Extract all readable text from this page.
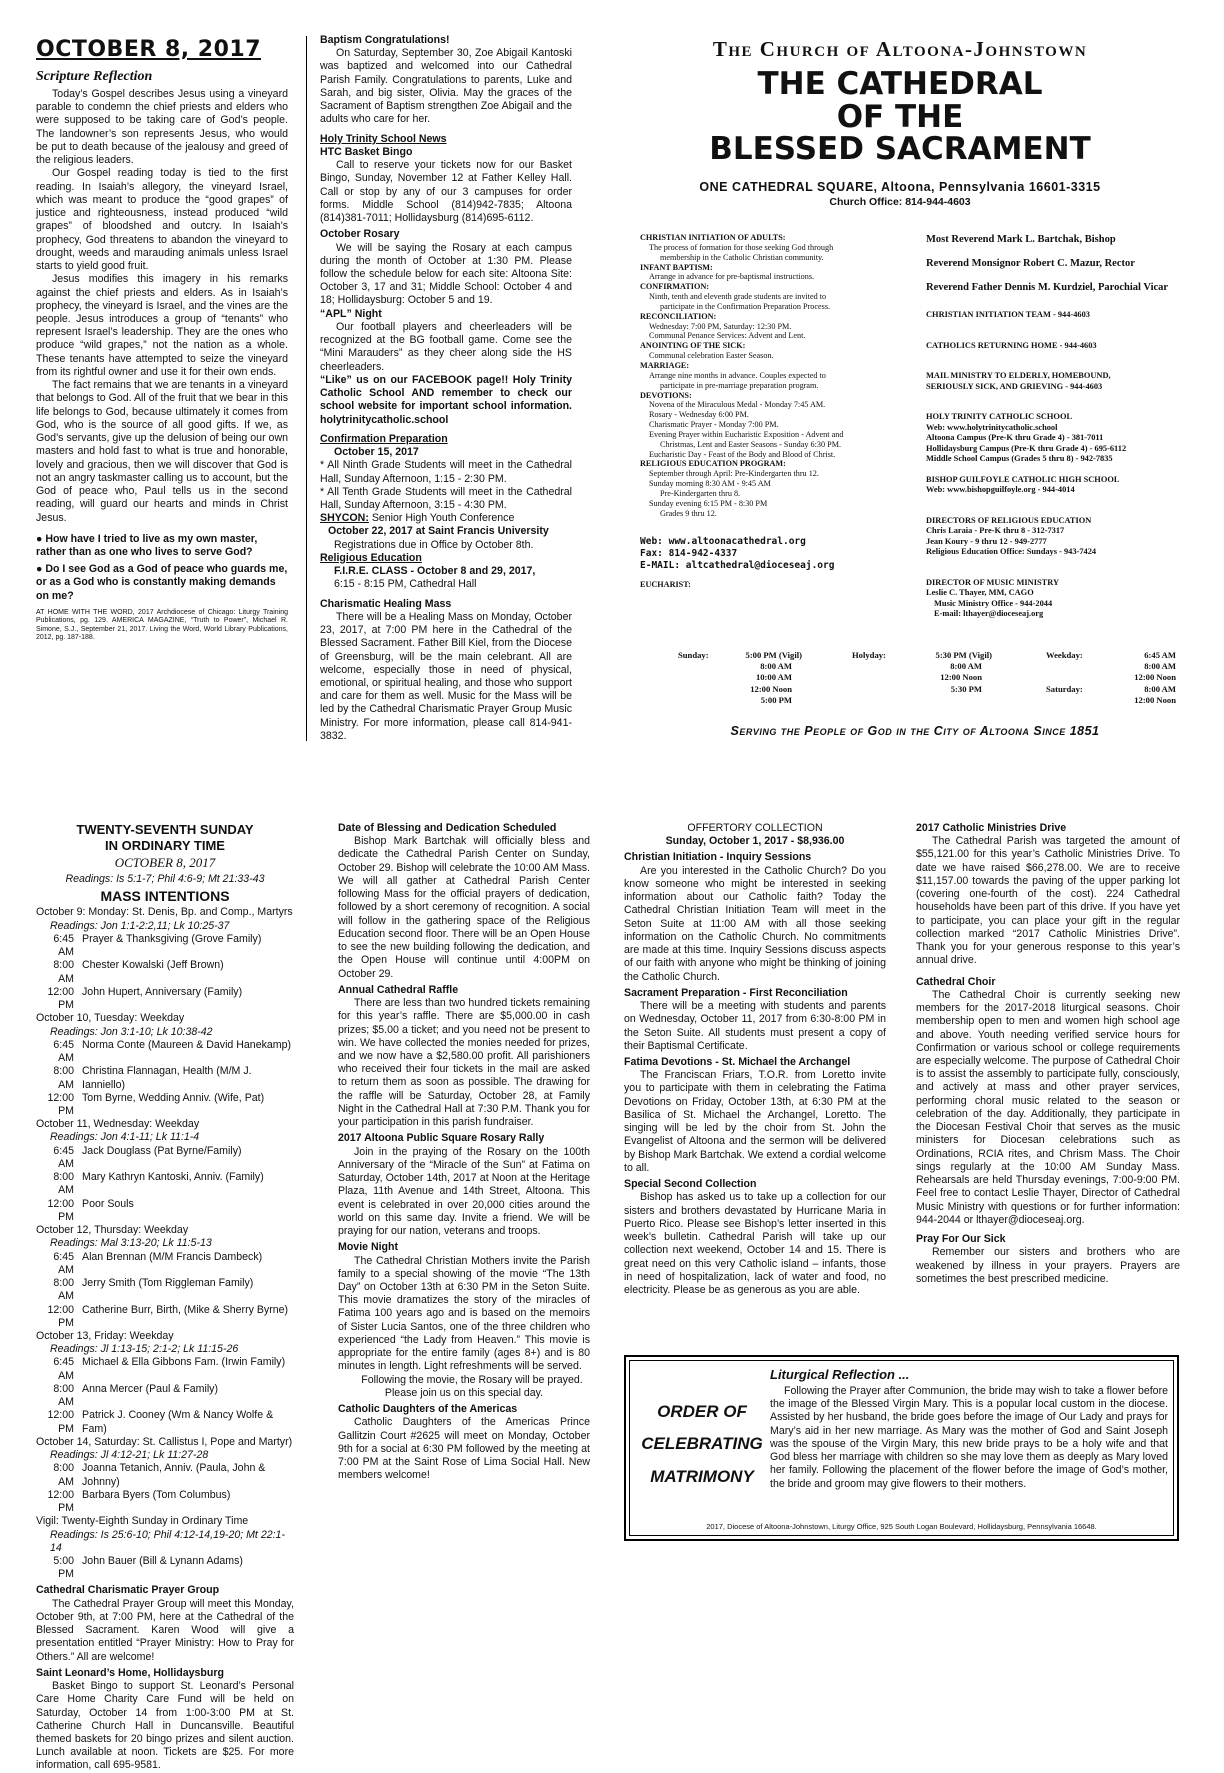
OCTOBER 8, 2017
Scripture Reflection

Today’s Gospel describes Jesus using a vineyard parable to condemn the chief priests and elders who were supposed to be taking care of God’s people. The landowner’s son represents Jesus, who would be put to death because of the jealousy and greed of the religious leaders.

Our Gospel reading today is tied to the first reading. In Isaiah’s allegory, the vineyard Israel, which was meant to produce the “good grapes” of justice and righteousness, instead produced “wild grapes” of bloodshed and outcry. In Isaiah’s prophecy, God threatens to abandon the vineyard to drought, weeds and marauding animals unless Israel starts to yield good fruit.

Jesus modifies this imagery in his remarks against the chief priests and elders. As in Isaiah’s prophecy, the vineyard is Israel, and the vines are the people. Jesus introduces a group of “tenants” who represent Israel’s leadership. They are the ones who produce “wild grapes,” not the nation as a whole. These tenants have attempted to seize the vineyard from its rightful owner and use it for their own ends.

The fact remains that we are tenants in a vineyard that belongs to God. All of the fruit that we bear in this life belongs to God, because ultimately it comes from God, who is the source of all good gifts. If we, as God’s servants, give up the delusion of being our own masters and hold fast to what is true and honorable, lovely and gracious, then we will discover that God is not an angry taskmaster calling us to account, but the God of peace who, Paul tells us in the second reading, will guard our hearts and minds in Christ Jesus.

● How have I tried to live as my own master, rather than as one who lives to serve God?
● Do I see God as a God of peace who guards me, or as a God who is constantly making demands on me?
AT HOME WITH THE WORD, 2017 Archdiocese of Chicago: Liturgy Training Publications, pg. 129. AMERICA MAGAZINE, “Truth to Power”, Michael R. Simone, S.J., September 21, 2017. Living the Word, World Library Publications, 2012, pg. 187-188.
Baptism Congratulations!

On Saturday, September 30, Zoe Abigail Kantoski was baptized and welcomed into our Cathedral Parish Family. Congratulations to parents, Luke and Sarah, and big sister, Olivia. May the graces of the Sacrament of Baptism strengthen Zoe Abigail and the adults who care for her.

Holy Trinity School News
HTC Basket Bingo

Call to reserve your tickets now for our Basket Bingo, Sunday, November 12 at Father Kelley Hall. Call or stop by any of our 3 campuses for order forms. Middle School (814)942-7835; Altoona (814)381-7011; Hollidaysburg (814)695-6112.

October Rosary

We will be saying the Rosary at each campus during the month of October at 1:30 PM. Please follow the schedule below for each site: Altoona Site: October 3, 17 and 31; Middle School: October 4 and 18; Hollidaysburg: October 5 and 19.

“APL” Night

Our football players and cheerleaders will be recognized at the BG football game. Come see the “Mini Marauders” as they cheer along side the HS cheerleaders.

“Like” us on our FACEBOOK page!! Holy Trinity Catholic School AND remember to check our school website for important school information. holytrinitycatholic.school
Confirmation Preparation
October 15, 2017
* All Ninth Grade Students will meet in the Cathedral Hall, Sunday Afternoon, 1:15 - 2:30 PM.
* All Tenth Grade Students will meet in the Cathedral Hall, Sunday Afternoon, 3:15 - 4:30 PM.
SHYCON: Senior High Youth Conference
October 22, 2017 at Saint Francis University
Registrations due in Office by October 8th.
Religious Education
F.I.R.E. CLASS - October 8 and 29, 2017,
6:15 - 8:15 PM, Cathedral Hall
Charismatic Healing Mass

There will be a Healing Mass on Monday, October 23, 2017, at 7:00 PM here in the Cathedral of the Blessed Sacrament. Father Bill Kiel, from the Diocese of Greensburg, will be the main celebrant. All are welcome, especially those in need of physical, emotional, or spiritual healing, and those who support and care for them as well. Music for the Mass will be led by the Cathedral Charismatic Prayer Group Music Ministry. For more information, please call 814-941-3832.

The Church of Altoona-Johnstown
THE CATHEDRAL
OF THE
BLESSED SACRAMENT
ONE CATHEDRAL SQUARE, Altoona, Pennsylvania 16601-3315
Church Office: 814-944-4603
CHRISTIAN INITIATION OF ADULTS:
The process of formation for those seeking God through
membership in the Catholic Christian community.
INFANT BAPTISM:
Arrange in advance for pre-baptismal instructions.
CONFIRMATION:
Ninth, tenth and eleventh grade students are invited to
participate in the Confirmation Preparation Process.
RECONCILIATION:
Wednesday: 7:00 PM, Saturday: 12:30 PM.
Communal Penance Services: Advent and Lent.
ANOINTING OF THE SICK:
Communal celebration Easter Season.
MARRIAGE:
Arrange nine months in advance. Couples expected to
participate in pre-marriage preparation program.
DEVOTIONS:
Novena of the Miraculous Medal - Monday 7:45 AM.
Rosary - Wednesday 6:00 PM.
Charismatic Prayer - Monday 7:00 PM.
Evening Prayer within Eucharistic Exposition - Advent and
Christmas, Lent and Easter Seasons - Sunday 6:30 PM.
Eucharistic Day - Feast of the Body and Blood of Christ.
RELIGIOUS EDUCATION PROGRAM:
September through April: Pre-Kindergarten thru 12.
Sunday morning 8:30 AM - 9:45 AM
Pre-Kindergarten thru 8.
Sunday evening 6:15 PM - 8:30 PM
Grades 9 thru 12.
Web: www.altoonacathedral.org
Fax: 814-942-4337
E-MAIL: altcathedral@dioceseaj.org
EUCHARIST:
Most Reverend Mark L. Bartchak, Bishop
Reverend Monsignor Robert C. Mazur, Rector
Reverend Father Dennis M. Kurdziel, Parochial Vicar
CHRISTIAN INITIATION TEAM - 944-4603
CATHOLICS RETURNING HOME - 944-4603
MAIL MINISTRY TO ELDERLY, HOMEBOUND,
SERIOUSLY SICK, AND GRIEVING - 944-4603
HOLY TRINITY CATHOLIC SCHOOL
Web: www.holytrinitycatholic.school
Altoona Campus (Pre-K thru Grade 4) - 381-7011
Hollidaysburg Campus (Pre-K thru Grade 4) - 695-6112
Middle School Campus (Grades 5 thru 8) - 942-7835
BISHOP GUILFOYLE CATHOLIC HIGH SCHOOL
Web: www.bishopguilfoyle.org - 944-4014
DIRECTORS OF RELIGIOUS EDUCATION
Chris Laraia - Pre-K thru 8 - 312-7317
Jean Koury - 9 thru 12 - 949-2777
Religious Education Office: Sundays - 943-7424
DIRECTOR OF MUSIC MINISTRY
Leslie C. Thayer, MM, CAGO
Music Ministry Office - 944-2044
E-mail: lthayer@dioceseaj.org
Sunday:	5:00 PM (Vigil)
8:00 AM
10:00 AM
12:00 Noon
5:00 PM
Holyday:	5:30 PM (Vigil)
8:00 AM
12:00 Noon
5:30 PM
Weekday:	6:45 AM
8:00 AM
12:00 Noon
Saturday:	8:00 AM
12:00 Noon
Serving the People of God in the City of Altoona Since 1851
TWENTY-SEVENTH SUNDAY
IN ORDINARY TIME
OCTOBER 8, 2017
Readings: Is 5:1-7; Phil 4:6-9; Mt 21:33-43
MASS INTENTIONS
October 9: Monday: St. Denis, Bp. and Comp., Martyrs
Readings: Jon 1:1-2:2,11; Lk 10:25-37
6:45 AM
Prayer & Thanksgiving (Grove Family)
8:00 AM
Chester Kowalski (Jeff Brown)
12:00 PM
John Hupert, Anniversary (Family)
October 10, Tuesday: Weekday
Readings: Jon 3:1-10; Lk 10:38-42
6:45 AM
Norma Conte (Maureen & David Hanekamp)
8:00 AM
Christina Flannagan, Health (M/M J. Ianniello)
12:00 PM
Tom Byrne, Wedding Anniv. (Wife, Pat)
October 11, Wednesday: Weekday
Readings: Jon 4:1-11; Lk 11:1-4
6:45 AM
Jack Douglass (Pat Byrne/Family)
8:00 AM
Mary Kathryn Kantoski, Anniv. (Family)
12:00 PM
Poor Souls
October 12, Thursday: Weekday
Readings: Mal 3:13-20; Lk 11:5-13
6:45 AM
Alan Brennan (M/M Francis Dambeck)
8:00 AM
Jerry Smith (Tom Riggleman Family)
12:00 PM
Catherine Burr, Birth, (Mike & Sherry Byrne)
October 13, Friday: Weekday
Readings: Jl 1:13-15; 2:1-2; Lk 11:15-26
6:45 AM
Michael & Ella Gibbons Fam. (Irwin Family)
8:00 AM
Anna Mercer (Paul & Family)
12:00 PM
Patrick J. Cooney (Wm & Nancy Wolfe & Fam)
October 14, Saturday: St. Callistus I, Pope and Martyr)
Readings: Jl 4:12-21; Lk 11:27-28
8:00 AM
Joanna Tetanich, Anniv. (Paula, John & Johnny)
12:00 PM
Barbara Byers (Tom Columbus)
Vigil: Twenty-Eighth Sunday in Ordinary Time
Readings: Is 25:6-10; Phil 4:12-14,19-20; Mt 22:1-14
5:00 PM
John Bauer (Bill & Lynann Adams)
Cathedral Charismatic Prayer Group

The Cathedral Prayer Group will meet this Monday, October 9th, at 7:00 PM, here at the Cathedral of the Blessed Sacrament. Karen Wood will give a presentation entitled “Prayer Ministry: How to Pray for Others.” All are welcome!

Saint Leonard’s Home, Hollidaysburg

Basket Bingo to support St. Leonard’s Personal Care Home Charity Care Fund will be held on Saturday, October 14 from 1:00-3:00 PM at St. Catherine Church Hall in Duncansville. Beautiful themed baskets for 20 bingo prizes and silent auction. Lunch available at noon. Tickets are $25. For more information, call 695-9581.

Date of Blessing and Dedication Scheduled

Bishop Mark Bartchak will officially bless and dedicate the Cathedral Parish Center on Sunday, October 29. Bishop will celebrate the 10:00 AM Mass. We will all gather at Cathedral Parish Center following Mass for the official prayers of dedication, followed by a short ceremony of recognition. A social will follow in the gathering space of the Religious Education second floor. There will be an Open House to see the new building following the dedication, and the Open House will continue until 4:00PM on October 29.

Annual Cathedral Raffle

There are less than two hundred tickets remaining for this year’s raffle. There are $5,000.00 in cash prizes; $5.00 a ticket; and you need not be present to win. We have collected the monies needed for prizes, and we now have a $2,580.00 profit. All parishioners who received their four tickets in the mail are asked to return them as soon as possible. The drawing for the raffle will be Saturday, October 28, at Family Night in the Cathedral Hall at 7:30 P.M. Thank you for your participation in this parish fundraiser.

2017 Altoona Public Square Rosary Rally

Join in the praying of the Rosary on the 100th Anniversary of the “Miracle of the Sun” at Fatima on Saturday, October 14th, 2017 at Noon at the Heritage Plaza, 11th Avenue and 14th Street, Altoona. This event is celebrated in over 20,000 cities around the world on this same day. Invite a friend. We will be praying for our nation, veterans and troops.

Movie Night

The Cathedral Christian Mothers invite the Parish family to a special showing of the movie “The 13th Day” on October 13th at 6:30 PM in the Seton Suite. This movie dramatizes the story of the miracles of Fatima 100 years ago and is based on the memoirs of Sister Lucia Santos, one of the three children who experienced “the Lady from Heaven.” This movie is appropriate for the entire family (ages 8+) and is 80 minutes in length. Light refreshments will be served.

Following the movie, the Rosary will be prayed. Please join us on this special day.

Catholic Daughters of the Americas

Catholic Daughters of the Americas Prince Gallitzin Court #2625 will meet on Monday, October 9th for a social at 6:30 PM followed by the meeting at 7:00 PM at the Saint Rose of Lima Social Hall. New members welcome!

OFFERTORY COLLECTION
Sunday, October 1, 2017 - $8,936.00
Christian Initiation - Inquiry Sessions

Are you interested in the Catholic Church? Do you know someone who might be interested in seeking information about our Catholic faith? Today the Cathedral Christian Initiation Team will meet in the Seton Suite at 11:00 AM with all those seeking information on the Catholic Church. No commitments are made at this time. Inquiry Sessions discuss aspects of our faith with anyone who might be thinking of joining the Catholic Church.

Sacrament Preparation - First Reconciliation

There will be a meeting with students and parents on Wednesday, October 11, 2017 from 6:30-8:00 PM in the Seton Suite. All students must present a copy of their Baptismal Certificate.

Fatima Devotions - St. Michael the Archangel

The Franciscan Friars, T.O.R. from Loretto invite you to participate with them in celebrating the Fatima Devotions on Friday, October 13th, at 6:30 PM at the Basilica of St. Michael the Archangel, Loretto. The singing will be led by the choir from St. John the Evangelist of Altoona and the sermon will be delivered by Bishop Mark Bartchak. We extend a cordial welcome to all.

Special Second Collection

Bishop has asked us to take up a collection for our sisters and brothers devastated by Hurricane Maria in Puerto Rico. Please see Bishop’s letter inserted in this week’s bulletin. Cathedral Parish will take up our collection next weekend, October 14 and 15. There is great need on this very Catholic island – infants, those in need of hospitalization, lack of water and food, no electricity. Please be as generous as you are able.

2017 Catholic Ministries Drive

The Cathedral Parish was targeted the amount of $55,121.00 for this year’s Catholic Ministries Drive. To date we have raised $66,278.00. We are to receive $11,157.00 towards the paving of the upper parking lot (covering one-fourth of the cost). 224 Cathedral households have been part of this drive. If you have yet to participate, you can place your gift in the regular collection marked “2017 Catholic Ministries Drive”. Thank you for your generous response to this year’s annual drive.

Cathedral Choir

The Cathedral Choir is currently seeking new members for the 2017-2018 liturgical seasons. Choir membership open to men and women high school age and above. Youth needing verified service hours for Confirmation or various school or college requirements are especially welcome. The purpose of Cathedral Choir is to assist the assembly to participate fully, consciously, and actively at mass and other prayer services, performing choral music related to the season or celebration of the day. Additionally, they participate in the Diocesan Festival Choir that serves as the music ministers for Diocesan celebrations such as Ordinations, RCIA rites, and Chrism Mass. The Choir sings regularly at the 10:00 AM Sunday Mass. Rehearsals are held Thursday evenings, 7:00-9:00 PM. Feel free to contact Leslie Thayer, Director of Cathedral Music Ministry with questions or for further information: 944-2044 or lthayer@dioceseaj.org.

Pray For Our Sick

Remember our sisters and brothers who are weakened by illness in your prayers. Prayers are sometimes the best prescribed medicine.

ORDER OF
CELEBRATING
MATRIMONY
Liturgical Reflection ...
Following the Prayer after Communion, the bride may wish to take a flower before the image of the Blessed Virgin Mary. This is a popular local custom in the diocese. Assisted by her husband, the bride goes before the image of Our Lady and prays for Mary’s aid in her new marriage. As Mary was the mother of God and Saint Joseph was the spouse of the Virgin Mary, this new bride prays to be a holy wife and that God bless her marriage with children so she may love them as deeply as Mary loved her family. Following the placement of the flower before the image of God’s mother, the bride and groom may give flowers to their mothers.
2017, Diocese of Altoona-Johnstown, Liturgy Office, 925 South Logan Boulevard, Hollidaysburg, Pennsylvania 16648.
